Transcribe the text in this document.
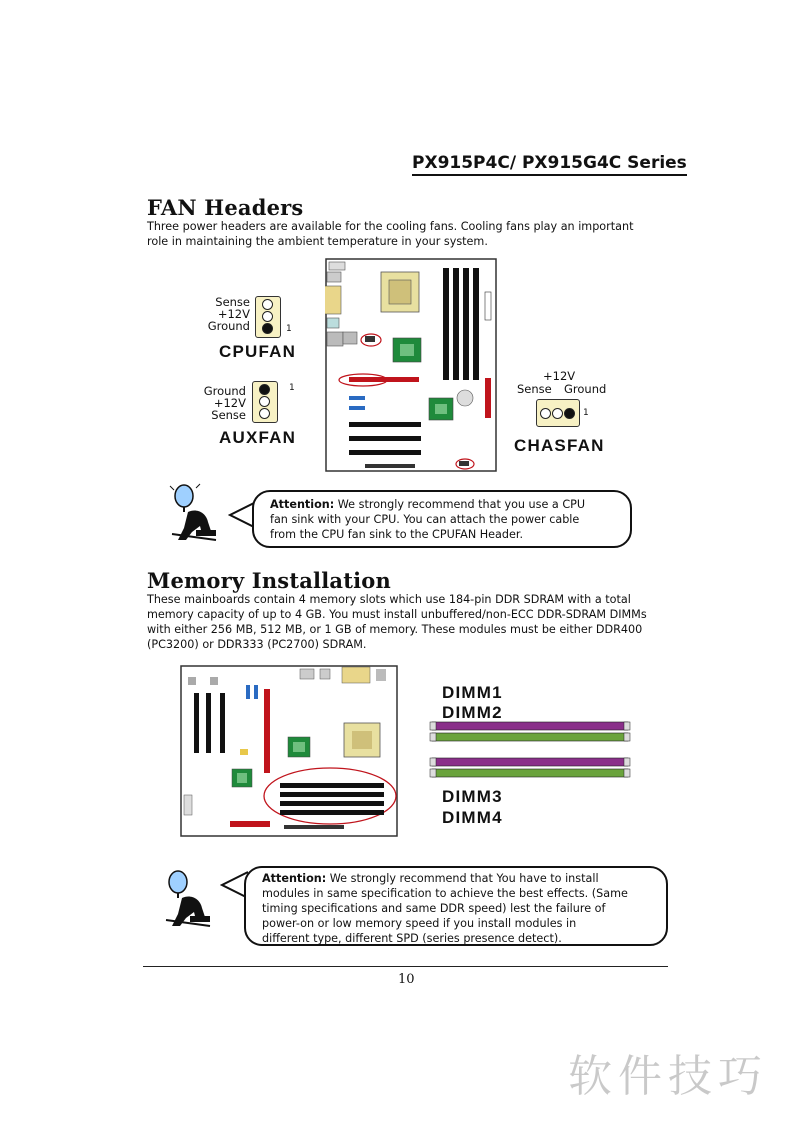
PX915P4C/ PX915G4C Series
FAN Headers
Three power headers are available for the cooling fans. Cooling fans play an important
role in maintaining the ambient temperature in your system.
Sense
+12V
Ground	1
CPUFAN
Ground
+12V
Sense
1
AUXFAN
+12V
Sense Ground
1
CHASFAN
Attention: We strongly recommend that you use a CPU
fan sink with your CPU. You can attach the power cable
from the CPU fan sink to the CPUFAN Header.
Memory Installation
These mainboards contain 4 memory slots which use 184-pin DDR SDRAM with a total
memory capacity of up to 4 GB. You must install unbuffered/non-ECC DDR-SDRAM DIMMs
with either 256 MB, 512 MB, or 1 GB of memory. These modules must be either DDR400
(PC3200) or DDR333 (PC2700) SDRAM.
DIMM1
DIMM2
DIMM3
DIMM4
Attention: We strongly recommend that You have to install
modules in same specification to achieve the best effects. (Same
timing specifications and same DDR speed) lest the failure of
power-on or low memory speed if you install modules in
different type, different SPD (series presence detect).
10
软件技巧
